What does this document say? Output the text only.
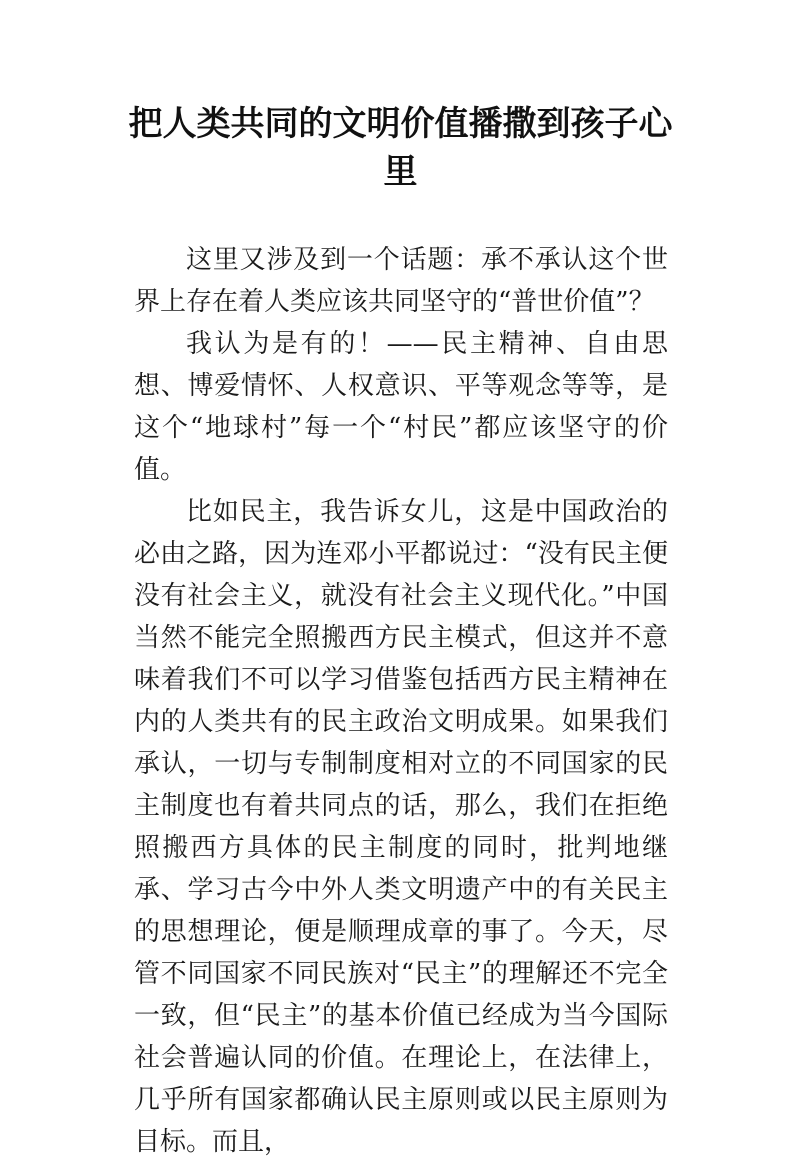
把人类共同的文明价值播撒到孩子心里

这里又涉及到一个话题：承不承认这个世界上存在着人类应该共同坚守的“普世价值”？

我认为是有的！——民主精神、自由思想、博爱情怀、人权意识、平等观念等等，是这个“地球村”每一个“村民”都应该坚守的价值。

比如民主，我告诉女儿，这是中国政治的必由之路，因为连邓小平都说过：“没有民主便没有社会主义，就没有社会主义现代化。”中国当然不能完全照搬西方民主模式，但这并不意味着我们不可以学习借鉴包括西方民主精神在内的人类共有的民主政治文明成果。如果我们承认，一切与专制制度相对立的不同国家的民主制度也有着共同点的话，那么，我们在拒绝照搬西方具体的民主制度的同时，批判地继承、学习古今中外人类文明遗产中的有关民主的思想理论，便是顺理成章的事了。今天，尽管不同国家不同民族对“民主”的理解还不完全一致，但“民主”的基本价值已经成为当今国际社会普遍认同的价值。在理论上，在法律上，几乎所有国家都确认民主原则或以民主原则为目标。而且，
